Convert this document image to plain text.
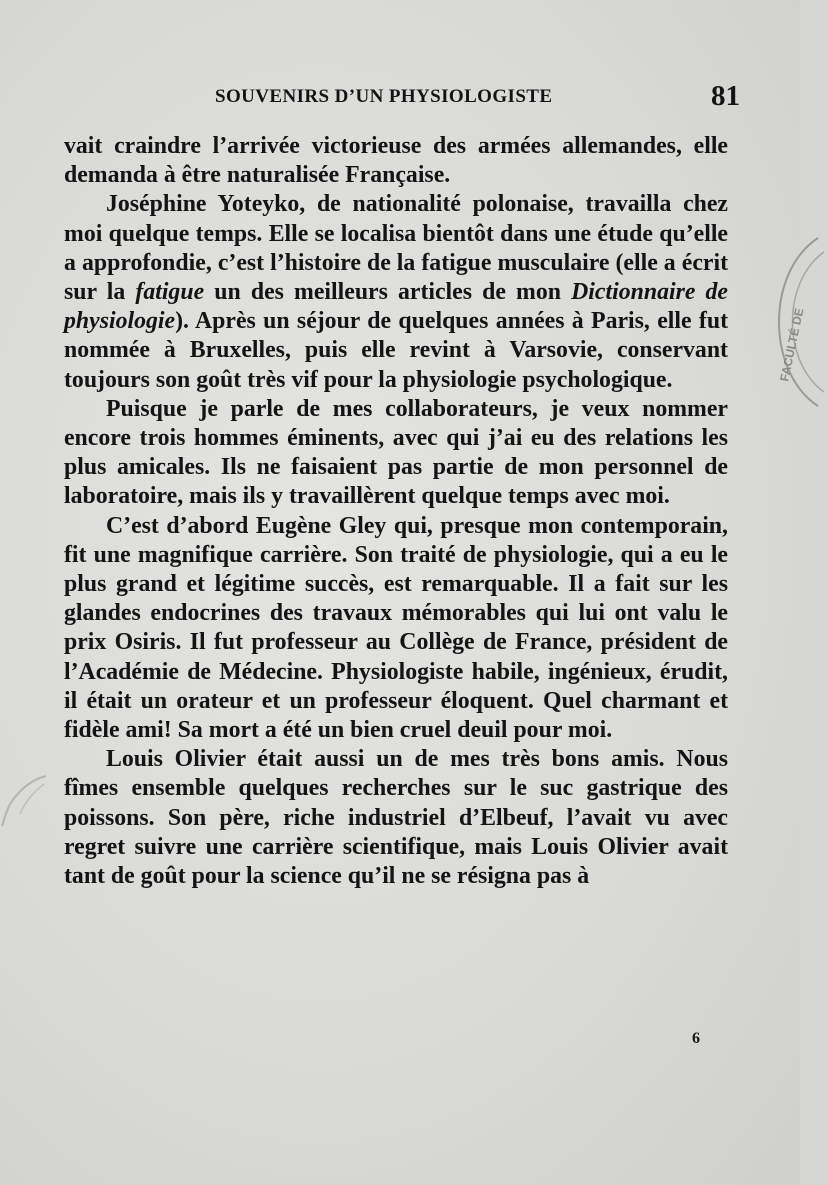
SOUVENIRS D’UN PHYSIOLOGISTE	81

vait craindre l’arrivée victorieuse des armées allemandes, elle demanda à être naturalisée Française.

Joséphine Yoteyko, de nationalité polonaise, travailla chez moi quelque temps. Elle se localisa bientôt dans une étude qu’elle a approfondie, c’est l’histoire de la fatigue musculaire (elle a écrit sur la fatigue un des meilleurs articles de mon Dictionnaire de physiologie). Après un séjour de quelques années à Paris, elle fut nommée à Bruxelles, puis elle revint à Varsovie, conservant toujours son goût très vif pour la physiologie psychologique.

Puisque je parle de mes collaborateurs, je veux nommer encore trois hommes éminents, avec qui j’ai eu des relations les plus amicales. Ils ne faisaient pas partie de mon personnel de laboratoire, mais ils y travaillèrent quelque temps avec moi.

C’est d’abord Eugène Gley qui, presque mon contemporain, fit une magnifique carrière. Son traité de physiologie, qui a eu le plus grand et légitime succès, est remarquable. Il a fait sur les glandes endocrines des travaux mémorables qui lui ont valu le prix Osiris. Il fut professeur au Collège de France, président de l’Académie de Médecine. Physiologiste habile, ingénieux, érudit, il était un orateur et un professeur éloquent. Quel charmant et fidèle ami! Sa mort a été un bien cruel deuil pour moi.

Louis Olivier était aussi un de mes très bons amis. Nous fîmes ensemble quelques recherches sur le suc gastrique des poissons. Son père, riche industriel d’Elbeuf, l’avait vu avec regret suivre une carrière scientifique, mais Louis Olivier avait tant de goût pour la science qu’il ne se résigna pas à

6
FACULTÉ DE
